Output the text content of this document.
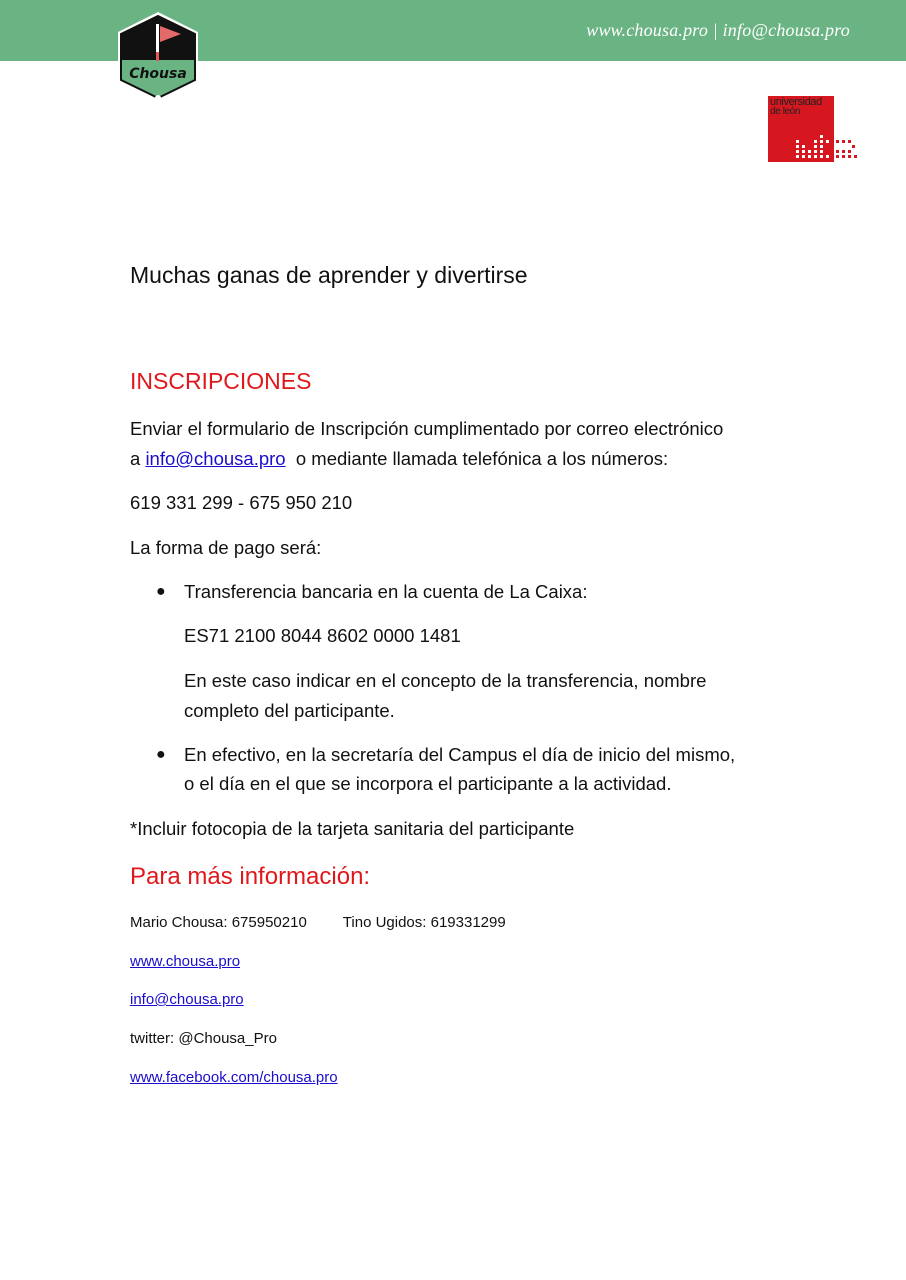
www.chousa.pro | info@chousa.pro
Chousa
universidad
de león
Muchas ganas de aprender y divertirse
INSCRIPCIONES
Enviar el formulario de Inscripción cumplimentado por correo electrónico
a info@chousa.pro  o mediante llamada telefónica a los números:
619 331 299 - 675 950 210
La forma de pago será:
● Transferencia bancaria en la cuenta de La Caixa:
ES71 2100 8044 8602 0000 1481
En este caso indicar en el concepto de la transferencia, nombre
completo del participante.
● En efectivo, en la secretaría del Campus el día de inicio del mismo,
o el día en el que se incorpora el participante a la actividad.
*Incluir fotocopia de la tarjeta sanitaria del participante
Para más información:
Mario Chousa: 675950210 Tino Ugidos: 619331299
www.chousa.pro
info@chousa.pro
twitter: @Chousa_Pro
www.facebook.com/chousa.pro
